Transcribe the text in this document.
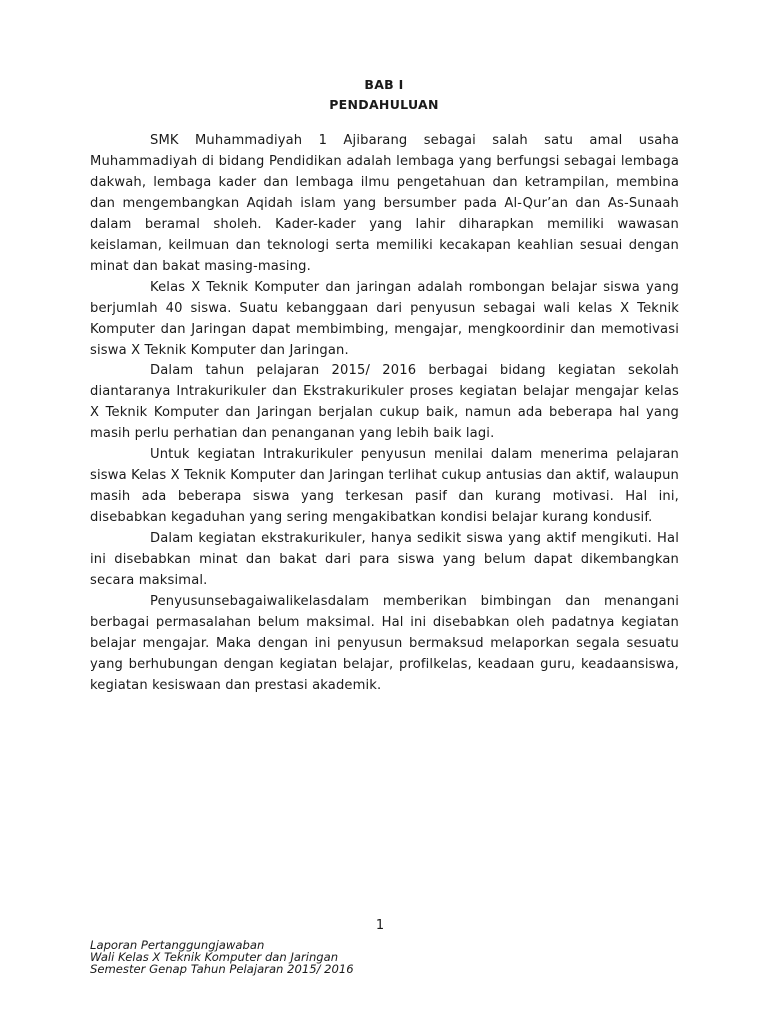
BAB I
PENDAHULUAN

SMK Muhammadiyah 1 Ajibarang sebagai salah satu amal usaha Muhammadiyah di bidang Pendidikan adalah lembaga yang berfungsi sebagai lembaga dakwah, lembaga kader dan lembaga ilmu pengetahuan dan ketrampilan, membina dan mengembangkan Aqidah islam yang bersumber pada Al-Qur’an dan As-Sunaah dalam beramal sholeh. Kader-kader yang lahir diharapkan memiliki wawasan keislaman, keilmuan dan teknologi serta memiliki kecakapan keahlian sesuai dengan minat dan bakat masing-masing.

Kelas X Teknik Komputer dan jaringan adalah rombongan belajar siswa yang berjumlah 40 siswa. Suatu kebanggaan dari penyusun sebagai wali kelas X Teknik Komputer dan Jaringan dapat membimbing, mengajar, mengkoordinir dan memotivasi siswa X Teknik Komputer dan Jaringan.

Dalam tahun pelajaran 2015/ 2016 berbagai bidang kegiatan sekolah diantaranya Intrakurikuler dan Ekstrakurikuler proses kegiatan belajar mengajar kelas X Teknik Komputer dan Jaringan berjalan cukup baik, namun ada beberapa hal yang masih perlu perhatian dan penanganan yang lebih baik lagi.

Untuk kegiatan Intrakurikuler penyusun menilai dalam menerima pelajaran siswa Kelas X Teknik Komputer dan Jaringan terlihat cukup antusias dan aktif, walaupun masih ada beberapa siswa yang terkesan pasif dan kurang motivasi. Hal ini, disebabkan kegaduhan yang sering mengakibatkan kondisi belajar kurang kondusif.

Dalam kegiatan ekstrakurikuler, hanya sedikit siswa yang aktif mengikuti. Hal ini disebabkan minat dan bakat dari para siswa yang belum dapat dikembangkan secara maksimal.

Penyusunsebagaiwalikelasdalam memberikan bimbingan dan menangani berbagai permasalahan belum maksimal. Hal ini disebabkan oleh padatnya kegiatan belajar mengajar. Maka dengan ini penyusun bermaksud melaporkan segala sesuatu yang berhubungan dengan kegiatan belajar, profilkelas, keadaan guru, keadaansiswa, kegiatan kesiswaan dan prestasi akademik.

1
Laporan Pertanggungjawaban
Wali Kelas X Teknik Komputer dan Jaringan
Semester Genap Tahun Pelajaran 2015/ 2016
